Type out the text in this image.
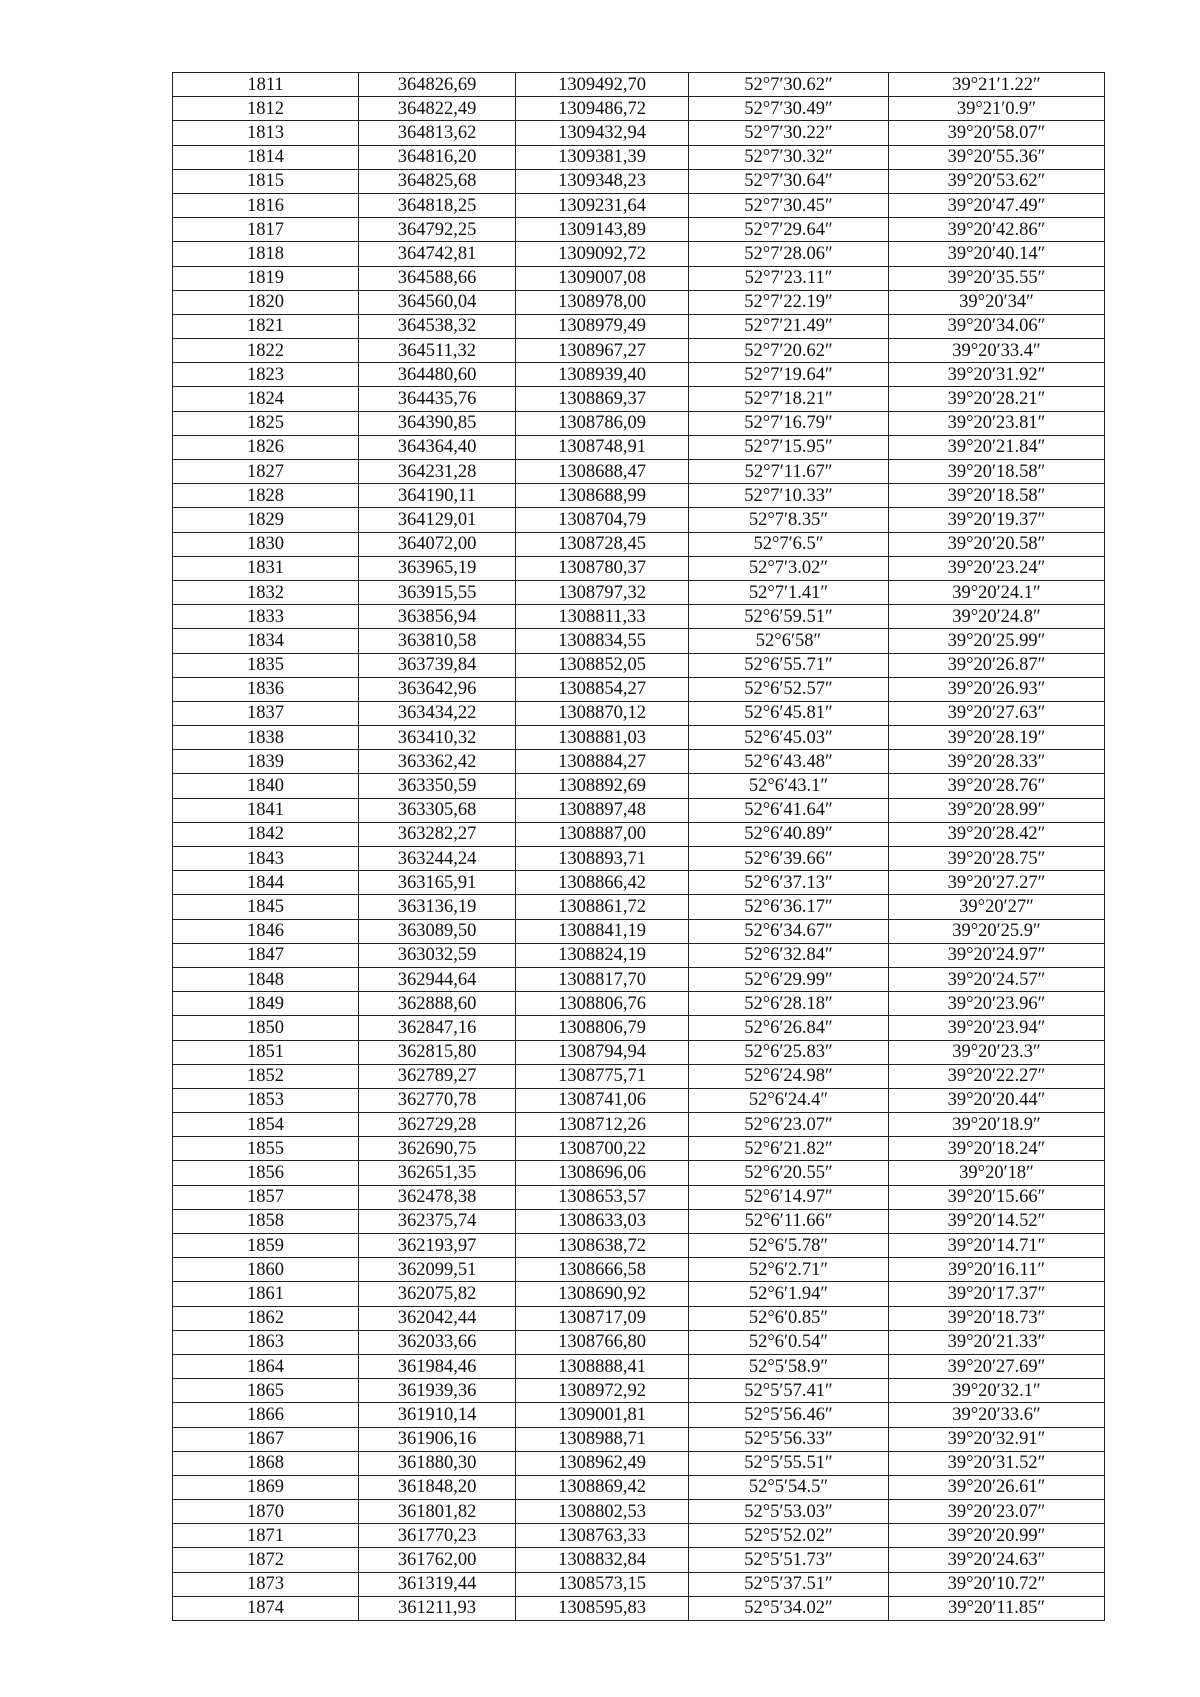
1811	364826,69	1309492,70	52°7′30.62″	39°21′1.22″
1812	364822,49	1309486,72	52°7′30.49″	39°21′0.9″
1813	364813,62	1309432,94	52°7′30.22″	39°20′58.07″
1814	364816,20	1309381,39	52°7′30.32″	39°20′55.36″
1815	364825,68	1309348,23	52°7′30.64″	39°20′53.62″
1816	364818,25	1309231,64	52°7′30.45″	39°20′47.49″
1817	364792,25	1309143,89	52°7′29.64″	39°20′42.86″
1818	364742,81	1309092,72	52°7′28.06″	39°20′40.14″
1819	364588,66	1309007,08	52°7′23.11″	39°20′35.55″
1820	364560,04	1308978,00	52°7′22.19″	39°20′34″
1821	364538,32	1308979,49	52°7′21.49″	39°20′34.06″
1822	364511,32	1308967,27	52°7′20.62″	39°20′33.4″
1823	364480,60	1308939,40	52°7′19.64″	39°20′31.92″
1824	364435,76	1308869,37	52°7′18.21″	39°20′28.21″
1825	364390,85	1308786,09	52°7′16.79″	39°20′23.81″
1826	364364,40	1308748,91	52°7′15.95″	39°20′21.84″
1827	364231,28	1308688,47	52°7′11.67″	39°20′18.58″
1828	364190,11	1308688,99	52°7′10.33″	39°20′18.58″
1829	364129,01	1308704,79	52°7′8.35″	39°20′19.37″
1830	364072,00	1308728,45	52°7′6.5″	39°20′20.58″
1831	363965,19	1308780,37	52°7′3.02″	39°20′23.24″
1832	363915,55	1308797,32	52°7′1.41″	39°20′24.1″
1833	363856,94	1308811,33	52°6′59.51″	39°20′24.8″
1834	363810,58	1308834,55	52°6′58″	39°20′25.99″
1835	363739,84	1308852,05	52°6′55.71″	39°20′26.87″
1836	363642,96	1308854,27	52°6′52.57″	39°20′26.93″
1837	363434,22	1308870,12	52°6′45.81″	39°20′27.63″
1838	363410,32	1308881,03	52°6′45.03″	39°20′28.19″
1839	363362,42	1308884,27	52°6′43.48″	39°20′28.33″
1840	363350,59	1308892,69	52°6′43.1″	39°20′28.76″
1841	363305,68	1308897,48	52°6′41.64″	39°20′28.99″
1842	363282,27	1308887,00	52°6′40.89″	39°20′28.42″
1843	363244,24	1308893,71	52°6′39.66″	39°20′28.75″
1844	363165,91	1308866,42	52°6′37.13″	39°20′27.27″
1845	363136,19	1308861,72	52°6′36.17″	39°20′27″
1846	363089,50	1308841,19	52°6′34.67″	39°20′25.9″
1847	363032,59	1308824,19	52°6′32.84″	39°20′24.97″
1848	362944,64	1308817,70	52°6′29.99″	39°20′24.57″
1849	362888,60	1308806,76	52°6′28.18″	39°20′23.96″
1850	362847,16	1308806,79	52°6′26.84″	39°20′23.94″
1851	362815,80	1308794,94	52°6′25.83″	39°20′23.3″
1852	362789,27	1308775,71	52°6′24.98″	39°20′22.27″
1853	362770,78	1308741,06	52°6′24.4″	39°20′20.44″
1854	362729,28	1308712,26	52°6′23.07″	39°20′18.9″
1855	362690,75	1308700,22	52°6′21.82″	39°20′18.24″
1856	362651,35	1308696,06	52°6′20.55″	39°20′18″
1857	362478,38	1308653,57	52°6′14.97″	39°20′15.66″
1858	362375,74	1308633,03	52°6′11.66″	39°20′14.52″
1859	362193,97	1308638,72	52°6′5.78″	39°20′14.71″
1860	362099,51	1308666,58	52°6′2.71″	39°20′16.11″
1861	362075,82	1308690,92	52°6′1.94″	39°20′17.37″
1862	362042,44	1308717,09	52°6′0.85″	39°20′18.73″
1863	362033,66	1308766,80	52°6′0.54″	39°20′21.33″
1864	361984,46	1308888,41	52°5′58.9″	39°20′27.69″
1865	361939,36	1308972,92	52°5′57.41″	39°20′32.1″
1866	361910,14	1309001,81	52°5′56.46″	39°20′33.6″
1867	361906,16	1308988,71	52°5′56.33″	39°20′32.91″
1868	361880,30	1308962,49	52°5′55.51″	39°20′31.52″
1869	361848,20	1308869,42	52°5′54.5″	39°20′26.61″
1870	361801,82	1308802,53	52°5′53.03″	39°20′23.07″
1871	361770,23	1308763,33	52°5′52.02″	39°20′20.99″
1872	361762,00	1308832,84	52°5′51.73″	39°20′24.63″
1873	361319,44	1308573,15	52°5′37.51″	39°20′10.72″
1874	361211,93	1308595,83	52°5′34.02″	39°20′11.85″
